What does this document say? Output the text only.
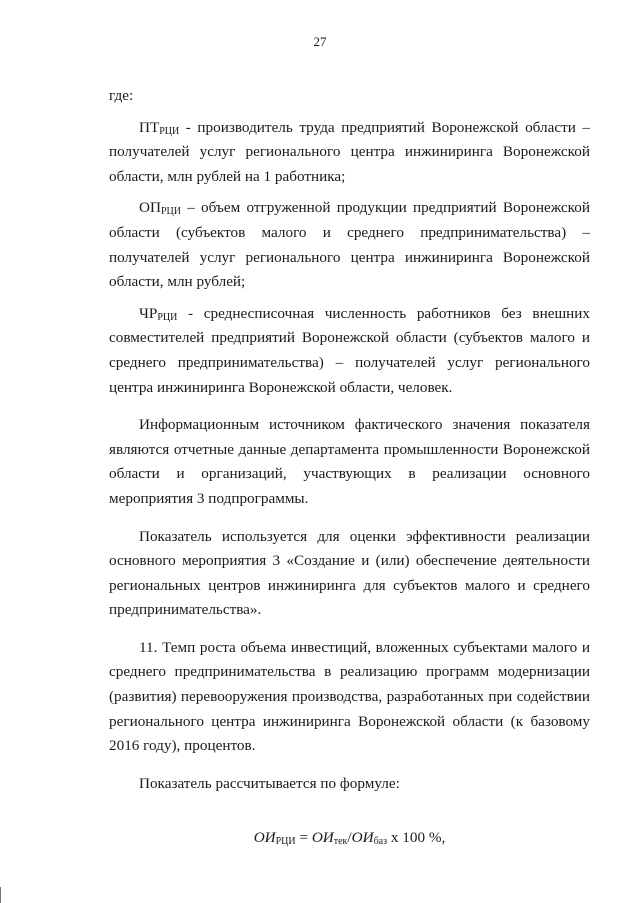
27

где:

$ПТ_{РЦИ}$ - производитель труда предприятий Воронежской области – получателей услуг регионального центра инжиниринга Воронежской области, млн рублей на 1 работника;

$ОП_{РЦИ}$ – объем отгруженной продукции предприятий Воронежской области (субъектов малого и среднего предпринимательства) – получателей услуг регионального центра инжиниринга Воронежской области, млн рублей;

$ЧР_{РЦИ}$ - среднесписочная численность работников без внешних совместителей предприятий Воронежской области (субъектов малого и среднего предпринимательства) – получателей услуг регионального центра инжиниринга Воронежской области, человек.

Информационным источником фактического значения показателя являются отчетные данные департамента промышленности Воронежской области и организаций, участвующих в реализации основного мероприятия 3 подпрограммы.

Показатель используется для оценки эффективности реализации основного мероприятия 3 «Создание и (или) обеспечение деятельности региональных центров инжиниринга для субъектов малого и среднего предпринимательства».

11. Темп роста объема инвестиций, вложенных субъектами малого и среднего предпринимательства в реализацию программ модернизации (развития) перевооружения производства, разработанных при содействии регионального центра инжиниринга Воронежской области (к базовому 2016 году), процентов.

Показатель рассчитывается по формуле:

$ОИ_{РЦИ} = ОИ_{тек}/ОИ_{баз}$ x 100 %,
